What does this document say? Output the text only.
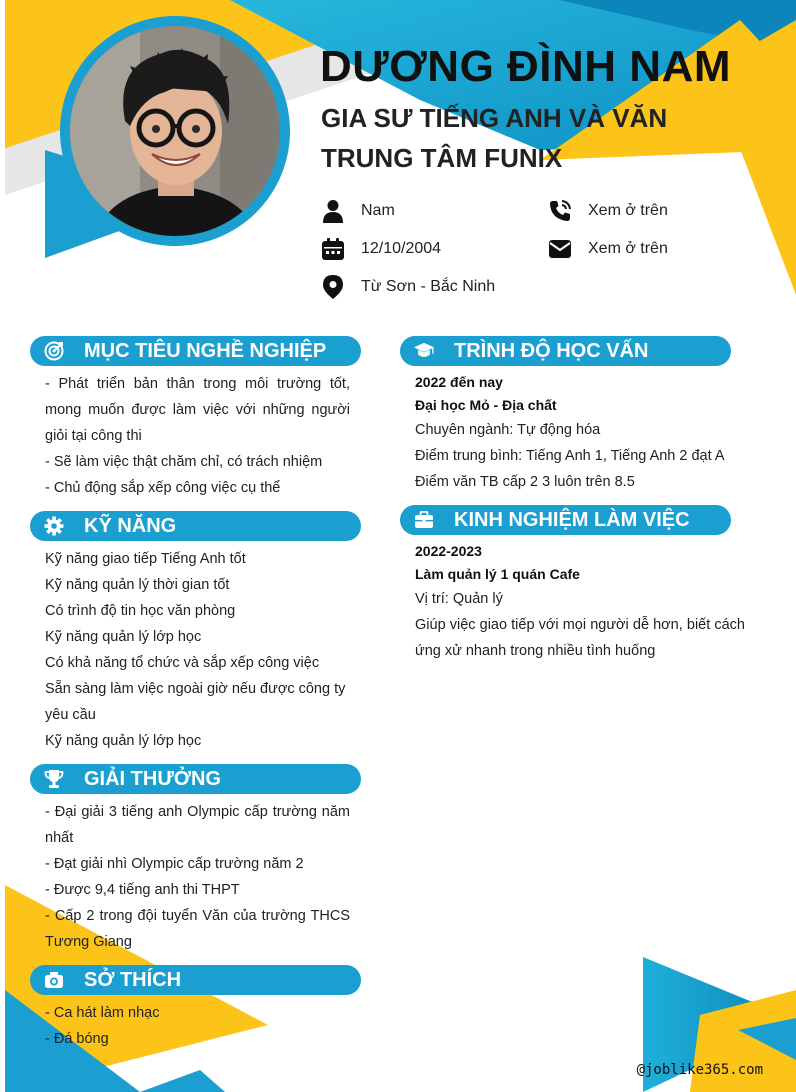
DƯƠNG ĐÌNH NAM
GIA SƯ TIẾNG ANH VÀ VĂN TRUNG TÂM FUNIX
Nam	Xem ở trên
12/10/2004	Xem ở trên
Từ Sơn - Bắc Ninh
MỤC TIÊU NGHỀ NGHIỆP

- Phát triển bản thân trong môi trường tốt, mong muốn được làm việc với những người giỏi tại công thi

- Sẽ làm việc thật chăm chỉ, có trách nhiệm

- Chủ động sắp xếp công việc cụ thể

KỸ NĂNG

Kỹ năng giao tiếp Tiếng Anh tốt

Kỹ năng quản lý thời gian tốt

Có trình độ tin học văn phòng

Kỹ năng quản lý lớp học

Có khả năng tổ chức và sắp xếp công việc

Sẵn sàng làm việc ngoài giờ nếu được công ty yêu cầu

Kỹ năng quản lý lớp học

GIẢI THƯỞNG

- Đại giải 3 tiếng anh Olympic cấp trường năm nhất

- Đạt giải nhì Olympic cấp trường năm 2

- Được 9,4 tiếng anh thi THPT

- Cấp 2 trong đội tuyển Văn của trường THCS Tương Giang

SỞ THÍCH

- Ca hát làm nhạc

- Đá bóng

TRÌNH ĐỘ HỌC VẤN
2022 đến nay
Đại học Mỏ - Địa chất

Chuyên ngành: Tự động hóa

Điểm trung bình: Tiếng Anh 1, Tiếng Anh 2 đạt A

Điểm văn TB cấp 2 3 luôn trên 8.5

KINH NGHIỆM LÀM VIỆC
2022-2023
Làm quản lý 1 quán Cafe

Vị trí: Quản lý

Giúp việc giao tiếp với mọi người dễ hơn, biết cách ứng xử nhanh trong nhiều tình huống

@joblike365.com
